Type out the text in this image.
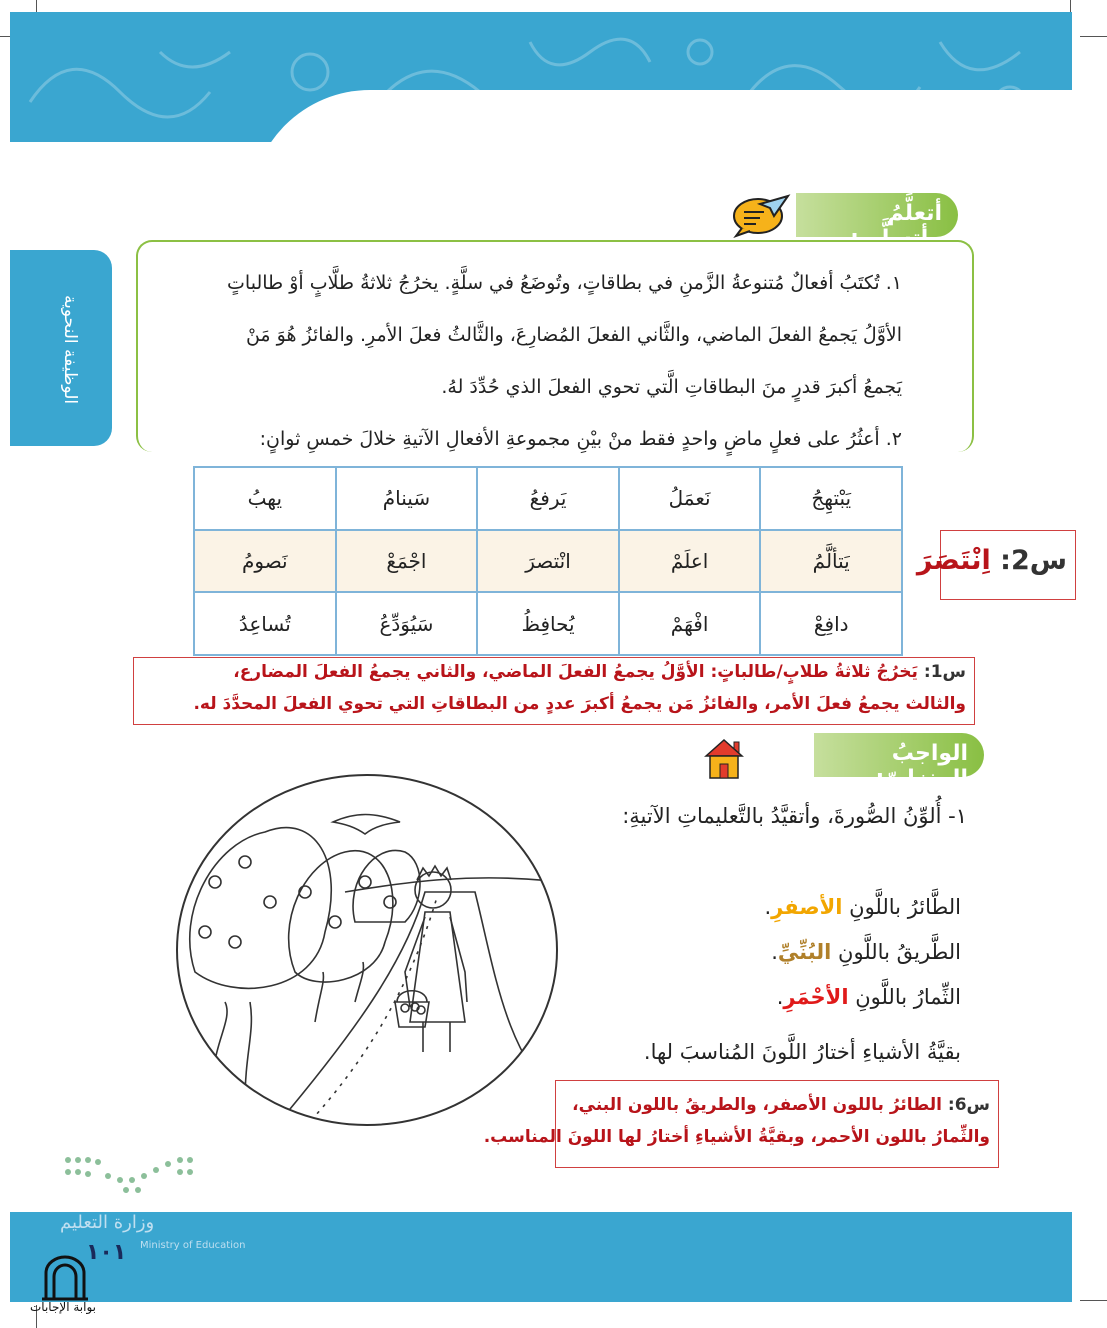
الوظيفة النحوية
أتعلَّمُ وأتسلَّى:
١. تُكتَبُ أفعالٌ مُتنوعةُ الزَّمنِ في بطاقاتٍ، وتُوضَعُ في سلَّةٍ. يخرُجُ ثلاثةُ طلَّابٍ أوْ طالباتٍ
الأوَّلُ يَجمعُ الفعلَ الماضي، والثَّاني الفعلَ المُضارِعَ، والثَّالثُ فعلَ الأمرِ. والفائزُ هُوَ مَنْ
يَجمعُ أكبرَ قدرٍ منَ البطاقاتِ الَّتي تحوي الفعلَ الذي حُدِّدَ لهُ.
٢. أعثُرُ على فعلٍ ماضٍ واحدٍ فقط منْ بيْنِ مجموعةِ الأفعالِ الآتيةِ خلالَ خمسِ ثوانٍ:
يَبْتهِجُ	نَعمَلُ	يَرفعُ	سَينامُ	يهبُ
يَتألَّمُ	اعلَمْ	انْتصرَ	اجْمَعْ	نَصومُ
دافِعْ	افْهَمْ	يُحافِظُ	سَيُوَدِّعُ	تُساعِدُ
س2: اِنْتَصَرَ
س1: يَخرُجُ ثلاثةُ طلابٍ/طالباتٍ: الأوَّلُ يجمعُ الفعلَ الماضي، والثاني يجمعُ الفعلَ المضارع،
والثالث يجمعُ فعلَ الأمر، والفائزُ مَن يجمعُ أكبرَ عددٍ من البطاقاتِ التي تحوي الفعلَ المحدَّدَ له.
الواجبُ المنزليّ:
١- أُلوِّنُ الصُّورةَ، وأتقيَّدُ بالتَّعليماتِ الآتيةِ:
الطَّائرُ باللَّونِ الأصفرِ.
الطَّريقُ باللَّونِ البُنِّيِّ.
الثِّمارُ باللَّونِ الأحْمَرِ.
بقيَّةُ الأشياءِ أختارُ اللَّونَ المُناسبَ لها.
س6: الطائرُ باللون الأصفر، والطريقُ باللون البني،
والثِّمارُ باللون الأحمر، وبقيَّةُ الأشياءِ أختارُ لها اللونَ المناسب.
وزارة التعليم
Ministry of Education
١٠١
بوابة الإجابات
